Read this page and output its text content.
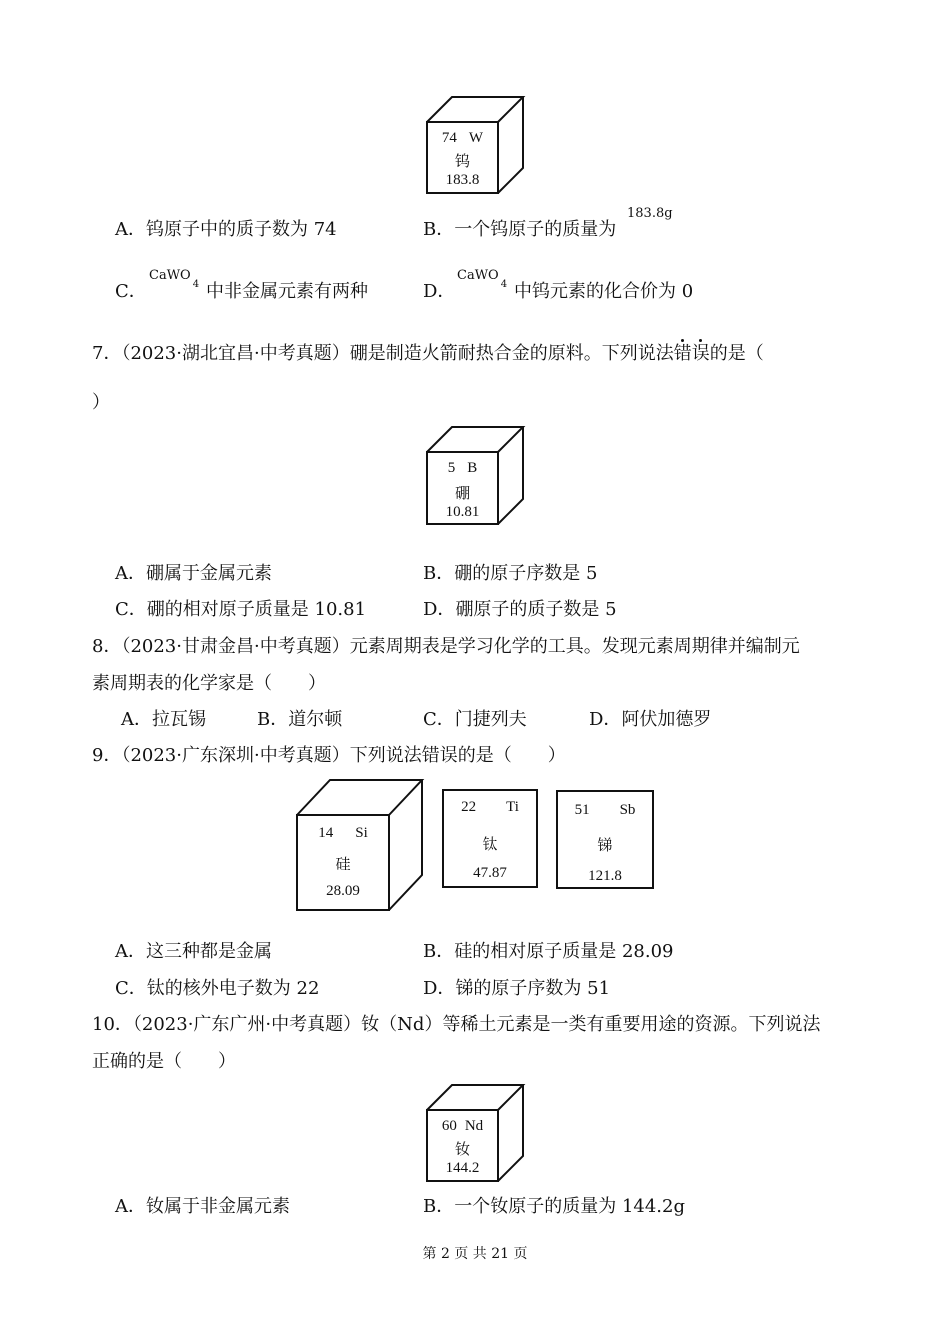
74 W
钨
183.8
A．钨原子中的质子数为 74	B．一个钨原子的质量为
183.8g
C．
CaWO$_4$ 中非金属元素有两种	D．
CaWO$_4$ 中钨元素的化合价为 0
7．（2023·湖北宜昌·中考真题）硼是制造火箭耐热合金的原料。下列说法错误的是（
）
5 B
硼
10.81
A．硼属于金属元素	B．硼的原子序数是 5
C．硼的相对原子质量是 10.81	D．硼原子的质子数是 5
8．（2023·甘肃金昌·中考真题）元素周期表是学习化学的工具。发现元素周期律并编制元
素周期表的化学家是（　　）
A．拉瓦锡	B．道尔顿	C．门捷列夫	D．阿伏加德罗
9．（2023·广东深圳·中考真题）下列说法错误的是（　　）
14 Si
硅
28.09
22 Ti
钛
47.87
51 Sb
锑
121.8
A．这三种都是金属	B．硅的相对原子质量是 28.09
C．钛的核外电子数为 22	D．锑的原子序数为 51
10．（2023·广东广州·中考真题）钕（Nd）等稀土元素是一类有重要用途的资源。下列说法
正确的是（　　）
60 Nd
钕
144.2
A．钕属于非金属元素	B．一个钕原子的质量为 144.2g
第 2 页 共 21 页
